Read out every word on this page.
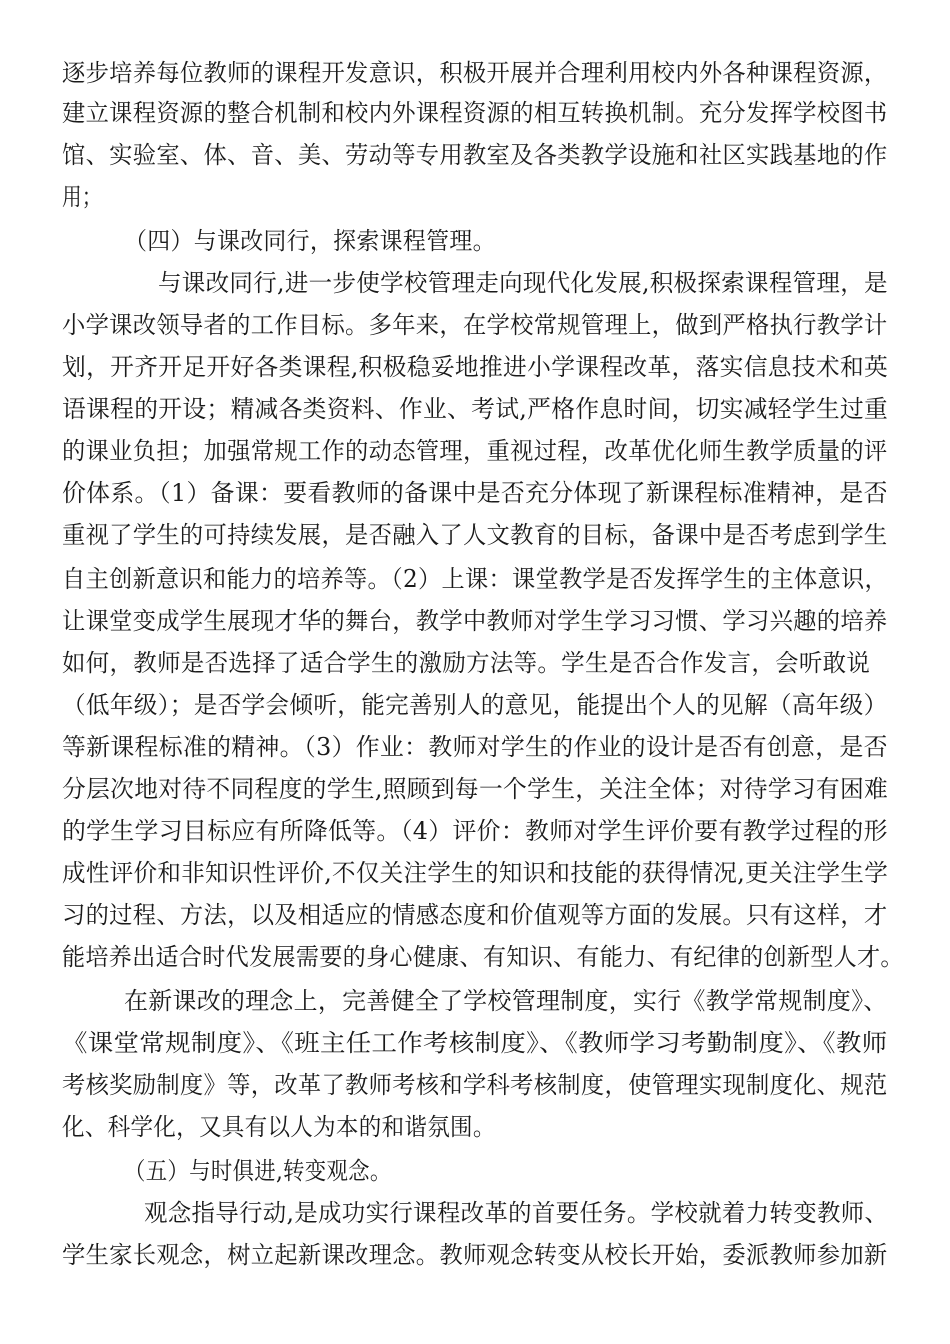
逐步培养每位教师的课程开发意识，积极开展并合理利用校内外各种课程资源，
建立课程资源的整合机制和校内外课程资源的相互转换机制。充分发挥学校图书
馆、实验室、体、音、美、劳动等专用教室及各类教学设施和社区实践基地的作
用；
（四）与课改同行，探索课程管理。
与课改同行,进一步使学校管理走向现代化发展,积极探索课程管理，是
小学课改领导者的工作目标。多年来，在学校常规管理上，做到严格执行教学计
划，开齐开足开好各类课程,积极稳妥地推进小学课程改革，落实信息技术和英
语课程的开设；精减各类资料、作业、考试,严格作息时间，切实减轻学生过重
的课业负担；加强常规工作的动态管理，重视过程，改革优化师生教学质量的评
价体系。（1）备课：要看教师的备课中是否充分体现了新课程标准精神，是否
重视了学生的可持续发展，是否融入了人文教育的目标，备课中是否考虑到学生
自主创新意识和能力的培养等。（2）上课：课堂教学是否发挥学生的主体意识，
让课堂变成学生展现才华的舞台，教学中教师对学生学习习惯、学习兴趣的培养
如何，教师是否选择了适合学生的激励方法等。学生是否合作发言，会听敢说
（低年级）；是否学会倾听，能完善别人的意见，能提出个人的见解（高年级）
等新课程标准的精神。（3）作业：教师对学生的作业的设计是否有创意，是否
分层次地对待不同程度的学生,照顾到每一个学生，关注全体；对待学习有困难
的学生学习目标应有所降低等。（4）评价：教师对学生评价要有教学过程的形
成性评价和非知识性评价,不仅关注学生的知识和技能的获得情况,更关注学生学
习的过程、方法，以及相适应的情感态度和价值观等方面的发展。只有这样，才
能培养出适合时代发展需要的身心健康、有知识、有能力、有纪律的创新型人才。
在新课改的理念上，完善健全了学校管理制度，实行《教学常规制度》、
《课堂常规制度》、《班主任工作考核制度》、《教师学习考勤制度》、《教师
考核奖励制度》等，改革了教师考核和学科考核制度，使管理实现制度化、规范
化、科学化，又具有以人为本的和谐氛围。
（五）与时俱进,转变观念。
观念指导行动,是成功实行课程改革的首要任务。学校就着力转变教师、
学生家长观念，树立起新课改理念。教师观念转变从校长开始，委派教师参加新
